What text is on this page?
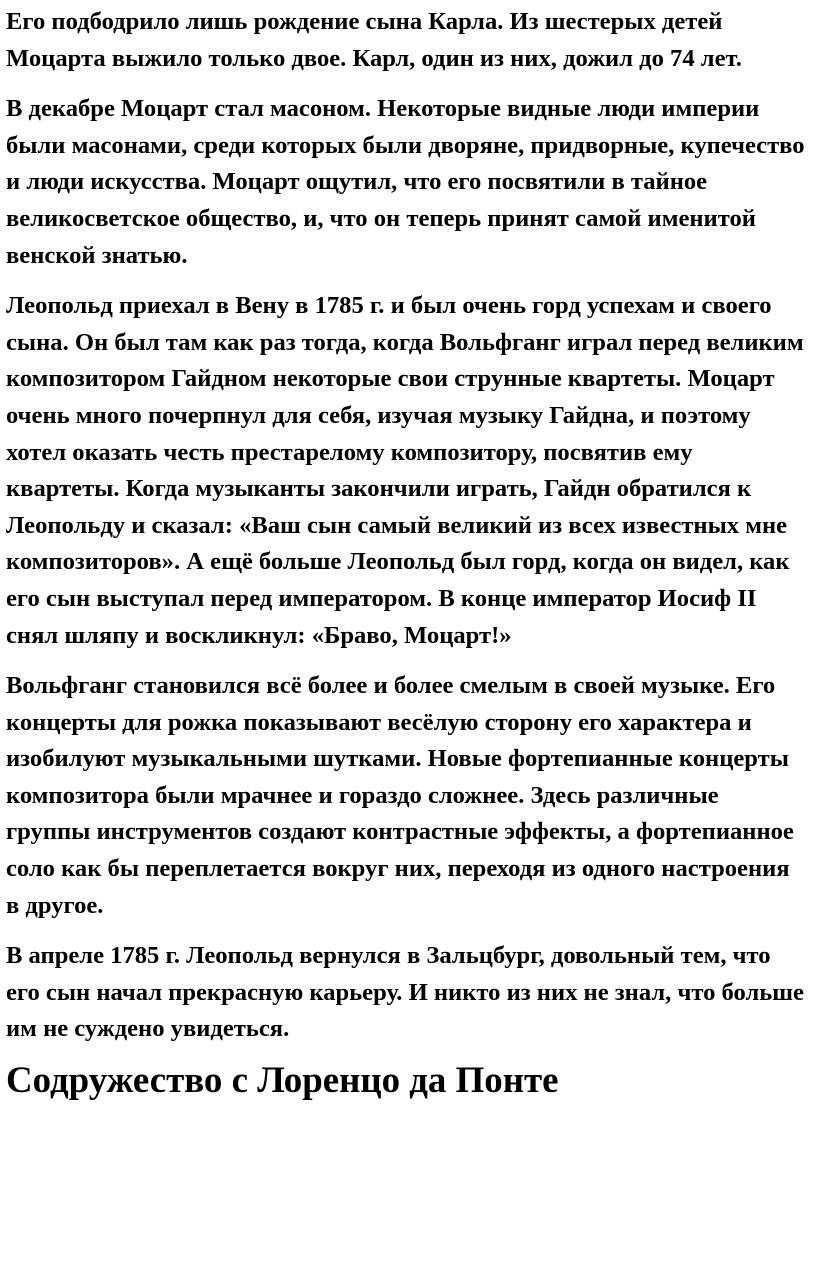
Его подбодрило лишь рождение сына Карла. Из шестерых детей Моцарта выжило только двое. Карл, один из них, дожил до 74 лет.

В декабре Моцарт стал масоном. Некоторые видные люди империи были масонами, среди которых были дворяне, придворные, купечество и люди искусства. Моцарт ощутил, что его посвятили в тайное великосветское общество, и, что он теперь принят самой именитой венской знатью.

Леопольд приехал в Вену в 1785 г. и был очень горд успехам и своего сына. Он был там как раз тогда, когда Вольфганг играл перед великим композитором Гайдном некоторые свои струнные квартеты. Моцарт очень много почерпнул для себя, изучая музыку Гайдна, и поэтому хотел оказать честь престарелому композитору, посвятив ему квартеты. Когда музыканты закончили играть, Гайдн обратился к Леопольду и сказал: «Ваш сын самый великий из всех известных мне композиторов». А ещё больше Леопольд был горд, когда он видел, как его сын выступал перед императором. В конце император Иосиф II снял шляпу и воскликнул: «Браво, Моцарт!»

Вольфганг становился всё более и более смелым в своей музыке. Его концерты для рожка показывают весёлую сторону его характера и изобилуют музыкальными шутками. Новые фортепианные концерты композитора были мрачнее и гораздо сложнее. Здесь различные группы инструментов создают контрастные эффекты, а фортепианное соло как бы переплетается вокруг них, переходя из одного настроения в другое.

В апреле 1785 г. Леопольд вернулся в Зальцбург, довольный тем, что его сын начал прекрасную карьеру. И никто из них не знал, что больше им не суждено увидеться.

Содружество с Лоренцо да Понте
